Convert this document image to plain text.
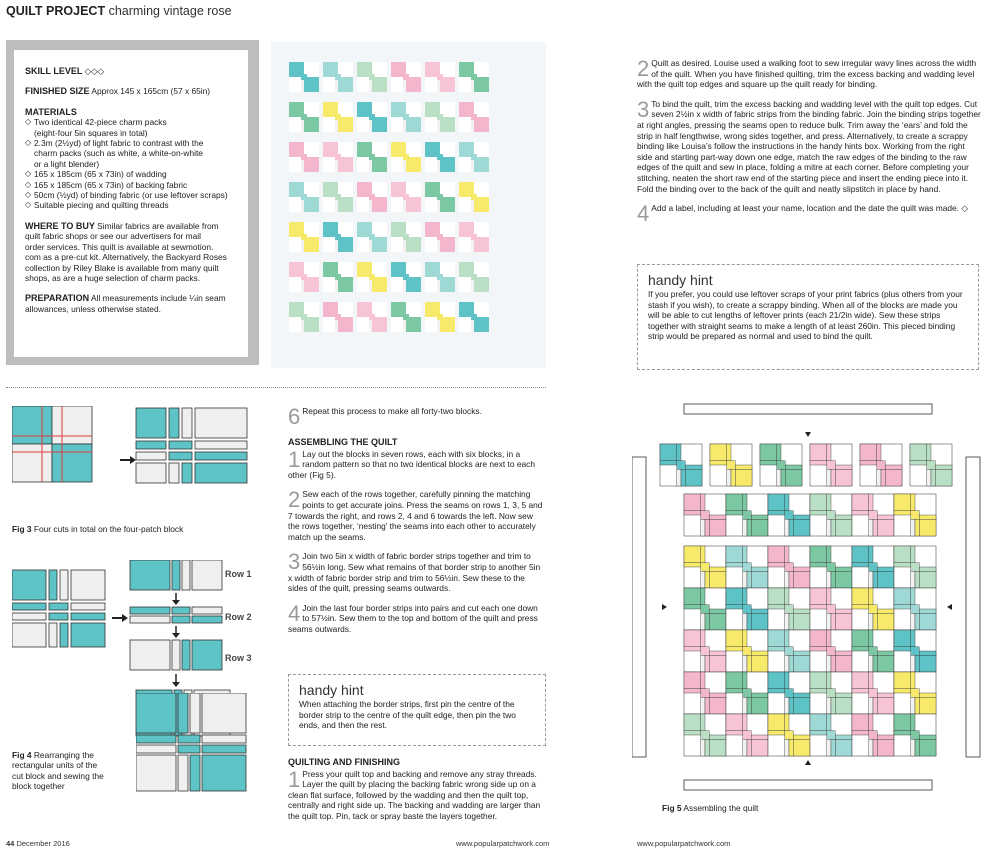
QUILT PROJECT charming vintage rose

SKILL LEVEL ◇◇◇

FINISHED SIZE Approx 145 x 165cm (57 x 65in)

MATERIALS

◇ Two identical 42-piece charm packs
(eight-four 5in squares in total)
◇ 2.3m (2½yd) of light fabric to contrast with the
charm packs (such as white, a white-on-white
or a light blender)
◇ 165 x 185cm (65 x 73in) of wadding
◇ 165 x 185cm (65 x 73in) of backing fabric
◇ 50cm (½yd) of binding fabric (or use leftover scraps)
◇ Suitable piecing and quilting threads

WHERE TO BUY Similar fabrics are available from
quilt fabric shops or see our advertisers for mail
order services. This quilt is available at sewmotion.
com as a pre-cut kit. Alternatively, the Backyard Roses
collection by Riley Blake is available from many quilt
shops, as are a huge selection of charm packs.

PREPARATION All measurements include ¼in seam
allowances, unless otherwise stated.

2 Quilt as desired. Louise used a walking foot to sew irregular wavy lines across the width of the quilt. When you have finished quilting, trim the excess backing and wadding level with the quilt top edges and square up the quilt ready for binding.
3 To bind the quilt, trim the excess backing and wadding level with the quilt top edges. Cut seven 2½in x width of fabric strips from the binding fabric. Join the binding strips together at right angles, pressing the seams open to reduce bulk. Trim away the ‘ears’ and fold the strip in half lengthwise, wrong sides together, and press. Alternatively, to create a scrappy binding like Louisa’s follow the instructions in the handy hints box. Working from the right side and starting part-way down one edge, match the raw edges of the binding to the raw edges of the quilt and sew in place, folding a mitre at each corner. Before completing your stitching, neaten the short raw end of the starting piece and insert the ending piece into it. Fold the binding over to the back of the quilt and neatly slipstitch in place by hand.
4 Add a label, including at least your name, location and the date the quilt was made. ◇
handy hint
If you prefer, you could use leftover scraps of your print fabrics (plus others from your stash if you wish), to create a scrappy binding. When all of the blocks are made you will be able to cut lengths of leftover prints (each 21/2in wide). Sew these strips together with straight seams to make a length of at least 260in. This pieced binding strip would be prepared as normal and used to bind the quilt.
Fig 3 Four cuts in total on the four-patch block
Row 1
Row 2
Row 3
Fig 4 Rearranging the
rectangular units of the
cut block and sewing the
block together
6 Repeat this process to make all forty-two blocks.
ASSEMBLING THE QUILT
1 Lay out the blocks in seven rows, each with six blocks, in a random pattern so that no two identical blocks are next to each other (Fig 5).
2 Sew each of the rows together, carefully pinning the matching points to get accurate joins. Press the seams on rows 1, 3, 5 and 7 towards the right, and rows 2, 4 and 6 towards the left. Now sew the rows together, ‘nesting’ the seams into each other to accurately match up the seams.
3 Join two 5in x width of fabric border strips together and trim to 56½in long. Sew what remains of that border strip to another 5in x width of fabric border strip and trim to 56½in. Sew these to the sides of the quilt, pressing seams outwards.
4 Join the last four border strips into pairs and cut each one down to 57½in. Sew them to the top and bottom of the quilt and press seams outwards.
handy hint
When attaching the border strips, first pin the centre of the border strip to the centre of the quilt edge, then pin the two ends, and then the rest.
QUILTING AND FINISHING
1 Press your quilt top and backing and remove any stray threads. Layer the quilt by placing the backing fabric wrong side up on a clean flat surface, followed by the wadding and then the quilt top, centrally and right side up. The backing and wadding are larger than the quilt top. Pin, tack or spray baste the layers together.
Fig 5 Assembling the quilt
44 December 2016	www.popularpatchwork.com	www.popularpatchwork.com
